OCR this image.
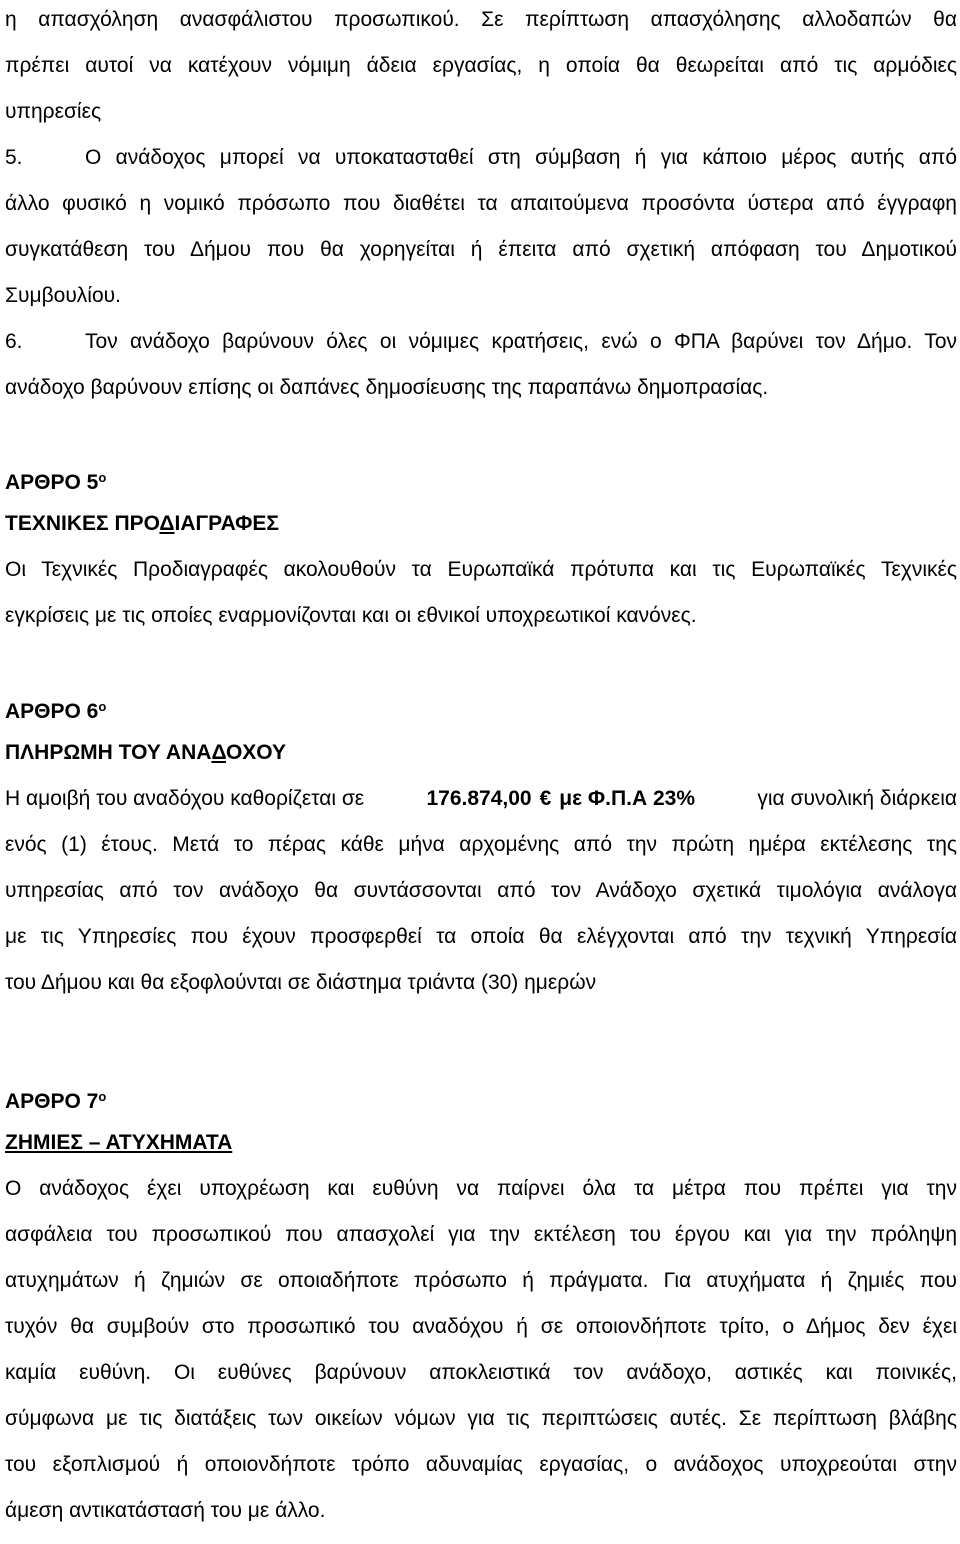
η απασχόληση ανασφάλιστου προσωπικού. Σε περίπτωση απασχόλησης αλλοδαπών θα
πρέπει αυτοί να κατέχουν νόμιμη άδεια εργασίας, η οποία θα θεωρείται από τις αρμόδιες
υπηρεσίες
5.	Ο ανάδοχος μπορεί να υποκατασταθεί στη σύμβαση ή για κάποιο μέρος αυτής από
άλλο φυσικό η νομικό πρόσωπο που διαθέτει τα απαιτούμενα προσόντα ύστερα από έγγραφη
συγκατάθεση του Δήμου που θα χορηγείται ή έπειτα από σχετική απόφαση του Δημοτικού
Συμβουλίου.
6.	Τον ανάδοχο βαρύνουν όλες οι νόμιμες κρατήσεις, ενώ ο ΦΠΑ βαρύνει τον Δήμο. Τον
ανάδοχο βαρύνουν επίσης οι δαπάνες δημοσίευσης της παραπάνω δημοπρασίας.
ΑΡΘΡΟ $5^o$
ΤΕΧΝΙΚΕΣ ΠΡΟΔΙΑΓΡΑΦΕΣ
Οι Τεχνικές Προδιαγραφές ακολουθούν τα Ευρωπαϊκά πρότυπα και τις Ευρωπαϊκές Τεχνικές
εγκρίσεις με τις οποίες εναρμονίζονται και οι εθνικοί υποχρεωτικοί κανόνες.
ΑΡΘΡΟ $6^o$
ΠΛΗΡΩΜΗ ΤΟΥ ΑΝΑΔΟΧΟΥ
Η αμοιβή του αναδόχου καθορίζεται σε	176.874,00 € με Φ.Π.Α 23%	για συνολική διάρκεια
ενός (1) έτους. Μετά το πέρας κάθε μήνα αρχομένης από την πρώτη ημέρα εκτέλεσης της
υπηρεσίας από τον ανάδοχο θα συντάσσονται από τον Ανάδοχο σχετικά τιμολόγια ανάλογα
με τις Υπηρεσίες που έχουν προσφερθεί τα οποία θα ελέγχονται από την τεχνική Υπηρεσία
του Δήμου και θα εξοφλούνται σε διάστημα τριάντα (30) ημερών
ΑΡΘΡΟ $7^o$
ΖΗΜΙΕΣ – ΑΤΥΧΗΜΑΤΑ
Ο ανάδοχος έχει υποχρέωση και ευθύνη να παίρνει όλα τα μέτρα που πρέπει για την
ασφάλεια του προσωπικού που απασχολεί για την εκτέλεση του έργου και για την πρόληψη
ατυχημάτων ή ζημιών σε οποιαδήποτε πρόσωπο ή πράγματα. Για ατυχήματα ή ζημιές που
τυχόν θα συμβούν στο προσωπικό του αναδόχου ή σε οποιονδήποτε τρίτο, ο Δήμος δεν έχει
καμία ευθύνη. Οι ευθύνες βαρύνουν αποκλειστικά τον ανάδοχο, αστικές και ποινικές,
σύμφωνα με τις διατάξεις των οικείων νόμων για τις περιπτώσεις αυτές. Σε περίπτωση βλάβης
του εξοπλισμού ή οποιονδήποτε τρόπο αδυναμίας εργασίας, ο ανάδοχος υποχρεούται στην
άμεση αντικατάστασή του με άλλο.
